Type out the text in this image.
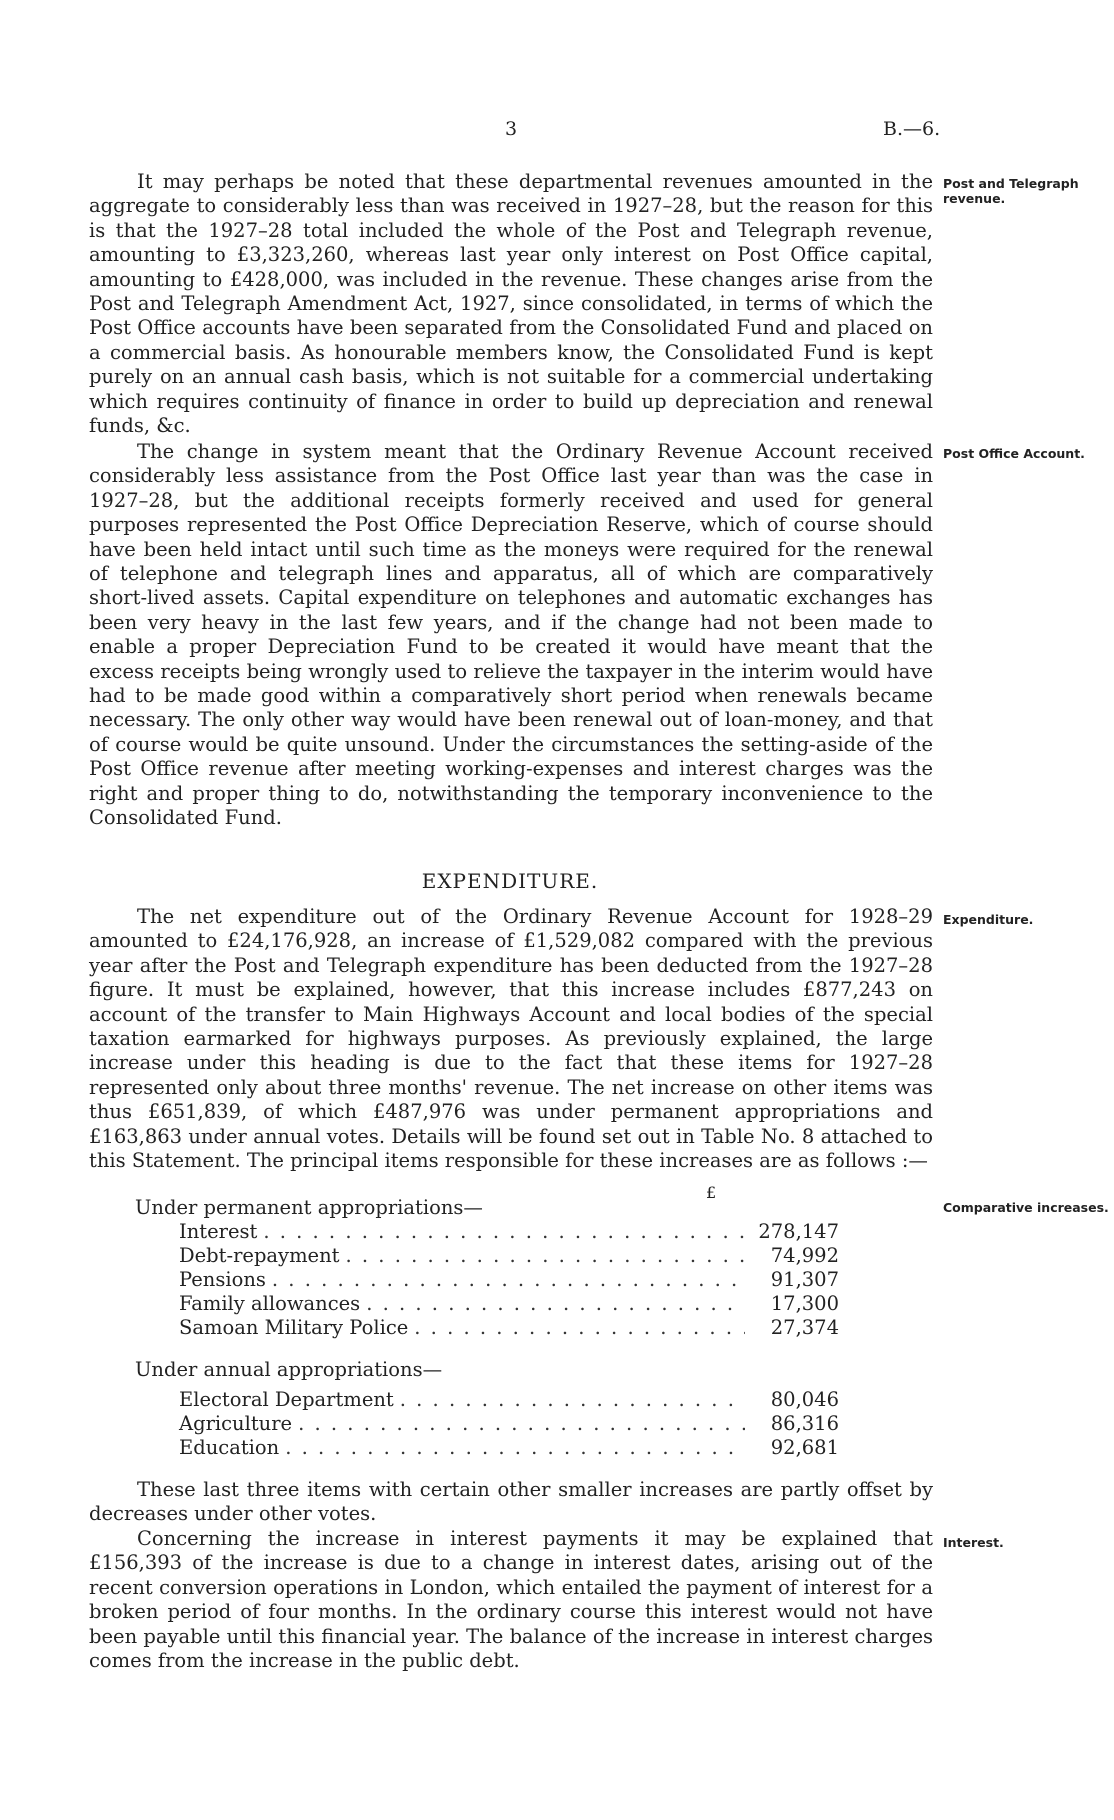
3	B.—6.

It may perhaps be noted that these departmental revenues amounted in the aggregate to considerably less than was received in 1927–28, but the reason for this is that the 1927–28 total included the whole of the Post and Telegraph revenue, amounting to £3,323,260, whereas last year only interest on Post Office capital, amounting to £428,000, was included in the revenue. These changes arise from the Post and Telegraph Amendment Act, 1927, since consolidated, in terms of which the Post Office accounts have been separated from the Consolidated Fund and placed on a commercial basis. As honourable members know, the Consolidated Fund is kept purely on an annual cash basis, which is not suitable for a commercial undertaking which requires continuity of finance in order to build up depreciation and renewal funds, &c.

Post and Telegraph revenue.

The change in system meant that the Ordinary Revenue Account received considerably less assistance from the Post Office last year than was the case in 1927–28, but the additional receipts formerly received and used for general purposes represented the Post Office Depreciation Reserve, which of course should have been held intact until such time as the moneys were required for the renewal of telephone and telegraph lines and apparatus, all of which are comparatively short-lived assets. Capital expenditure on telephones and automatic exchanges has been very heavy in the last few years, and if the change had not been made to enable a proper Depreciation Fund to be created it would have meant that the excess receipts being wrongly used to relieve the taxpayer in the interim would have had to be made good within a comparatively short period when renewals became necessary. The only other way would have been renewal out of loan-money, and that of course would be quite unsound. Under the circumstances the setting-aside of the Post Office revenue after meeting working-expenses and interest charges was the right and proper thing to do, notwithstanding the temporary inconvenience to the Consolidated Fund.

Post Office Account.
EXPENDITURE.

The net expenditure out of the Ordinary Revenue Account for 1928–29 amounted to £24,176,928, an increase of £1,529,082 compared with the previous year after the Post and Telegraph expenditure has been deducted from the 1927–28 figure. It must be explained, however, that this increase includes £877,243 on account of the transfer to Main Highways Account and local bodies of the special taxation earmarked for highways purposes. As previously explained, the large increase under this heading is due to the fact that these items for 1927–28 represented only about three months' revenue. The net increase on other items was thus £651,839, of which £487,976 was under permanent appropriations and £163,863 under annual votes. Details will be found set out in Table No. 8 attached to this Statement. The principal items responsible for these increases are as follows :—

Expenditure.
£
Comparative increases.
Under permanent appropriations—
Interest . . .	278,147
Debt-repayment . . .	74,992
Pensions . . .	91,307
Family allowances . . .	17,300
Samoan Military Police . . .	27,374
Under annual appropriations—
Electoral Department . . .	80,046
Agriculture . . .	86,316
Education . . .	92,681

These last three items with certain other smaller increases are partly offset by decreases under other votes.

Concerning the increase in interest payments it may be explained that £156,393 of the increase is due to a change in interest dates, arising out of the recent conversion operations in London, which entailed the payment of interest for a broken period of four months. In the ordinary course this interest would not have been payable until this financial year. The balance of the increase in interest charges comes from the increase in the public debt.

Interest.
